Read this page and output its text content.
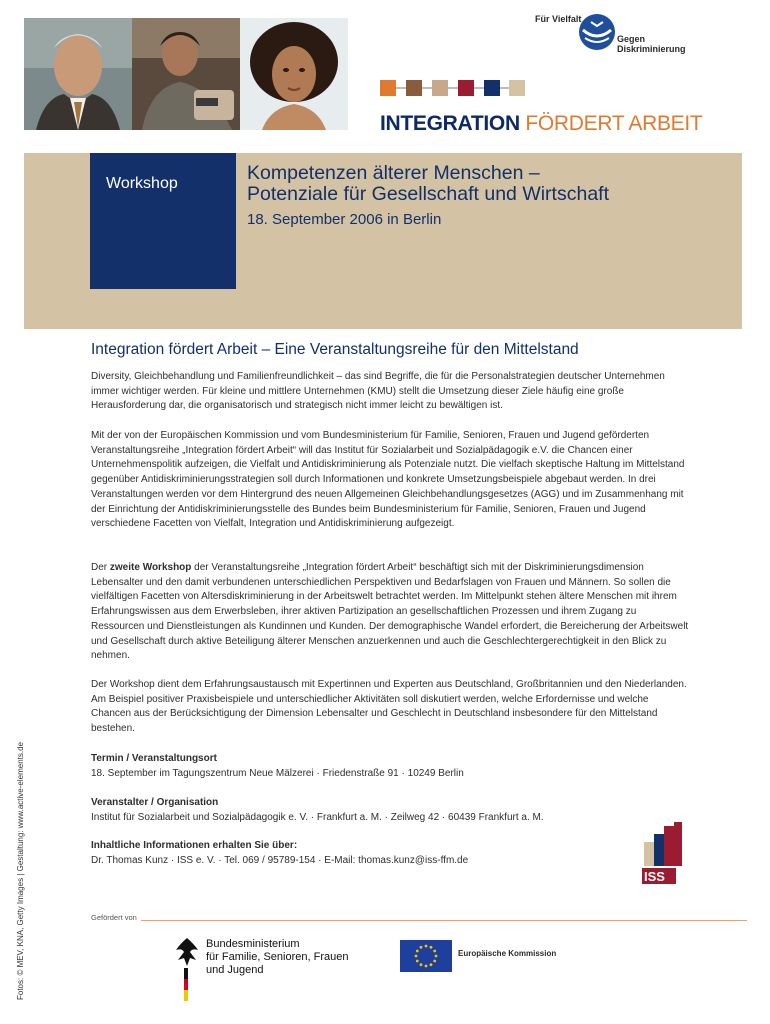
Für Vielfalt
Gegen Diskriminierung
INTEGRATION FÖRDERT ARBEIT
Workshop	Kompetenzen älterer Menschen –
Potenziale für Gesellschaft und Wirtschaft
18. September 2006 in Berlin
Integration fördert Arbeit – Eine Veranstaltungsreihe für den Mittelstand

Diversity, Gleichbehandlung und Familienfreundlichkeit – das sind Begriffe, die für die Personalstrategien deutscher Unternehmen immer wichtiger werden. Für kleine und mittlere Unternehmen (KMU) stellt die Umsetzung dieser Ziele häufig eine große Herausforderung dar, die organisatorisch und strategisch nicht immer leicht zu bewältigen ist.

Mit der von der Europäischen Kommission und vom Bundesministerium für Familie, Senioren, Frauen und Jugend geförderten Veranstaltungsreihe „Integration fördert Arbeit“ will das Institut für Sozialarbeit und Sozialpädagogik e.V. die Chancen einer Unternehmenspolitik aufzeigen, die Vielfalt und Antidiskriminierung als Potenziale nutzt. Die vielfach skeptische Haltung im Mittelstand gegenüber Antidiskriminierungsstrategien soll durch Informationen und konkrete Umsetzungsbeispiele abgebaut werden. In drei Veranstaltungen werden vor dem Hintergrund des neuen Allgemeinen Gleichbehandlungsgesetzes (AGG) und im Zusammenhang mit der Einrichtung der Antidiskriminierungsstelle des Bundes beim Bundesministerium für Familie, Senioren, Frauen und Jugend verschiedene Facetten von Vielfalt, Integration und Antidiskriminierung aufgezeigt.

Der zweite Workshop der Veranstaltungsreihe „Integration fördert Arbeit“ beschäftigt sich mit der Diskriminierungsdimension Lebensalter und den damit verbundenen unterschiedlichen Perspektiven und Bedarfslagen von Frauen und Männern. So sollen die vielfältigen Facetten von Altersdiskriminierung in der Arbeitswelt betrachtet werden. Im Mittelpunkt stehen ältere Menschen mit ihrem Erfahrungswissen aus dem Erwerbsleben, ihrer aktiven Partizipation an gesellschaftlichen Prozessen und ihrem Zugang zu Ressourcen und Dienstleistungen als Kundinnen und Kunden. Der demographische Wandel erfordert, die Bereicherung der Arbeitswelt und Gesellschaft durch aktive Beteiligung älterer Menschen anzuerkennen und auch die Geschlechtergerechtigkeit in den Blick zu nehmen.

Der Workshop dient dem Erfahrungsaustausch mit Expertinnen und Experten aus Deutschland, Großbritannien und den Niederlanden. Am Beispiel positiver Praxisbeispiele und unterschiedlicher Aktivitäten soll diskutiert werden, welche Erfordernisse und welche Chancen aus der Berücksichtigung der Dimension Lebensalter und Geschlecht in Deutschland insbesondere für den Mittelstand bestehen.

Termin / Veranstaltungsort

18. September im Tagungszentrum Neue Mälzerei · Friedenstraße 91 · 10249 Berlin

Veranstalter / Organisation

Institut für Sozialarbeit und Sozialpädagogik e. V. · Frankfurt a. M. · Zeilweg 42 · 60439 Frankfurt a. M.

Inhaltliche Informationen erhalten Sie über:

Dr. Thomas Kunz · ISS e. V. · Tel. 069 / 95789-154 · E-Mail: thomas.kunz@iss-ffm.de

Fotos: © MEV, KNA, Getty Images | Gestaltung: www.active-elements.de	ISS
Gefördert von
Bundesministerium
für Familie, Senioren, Frauen
und Jugend
Europäische Kommission
